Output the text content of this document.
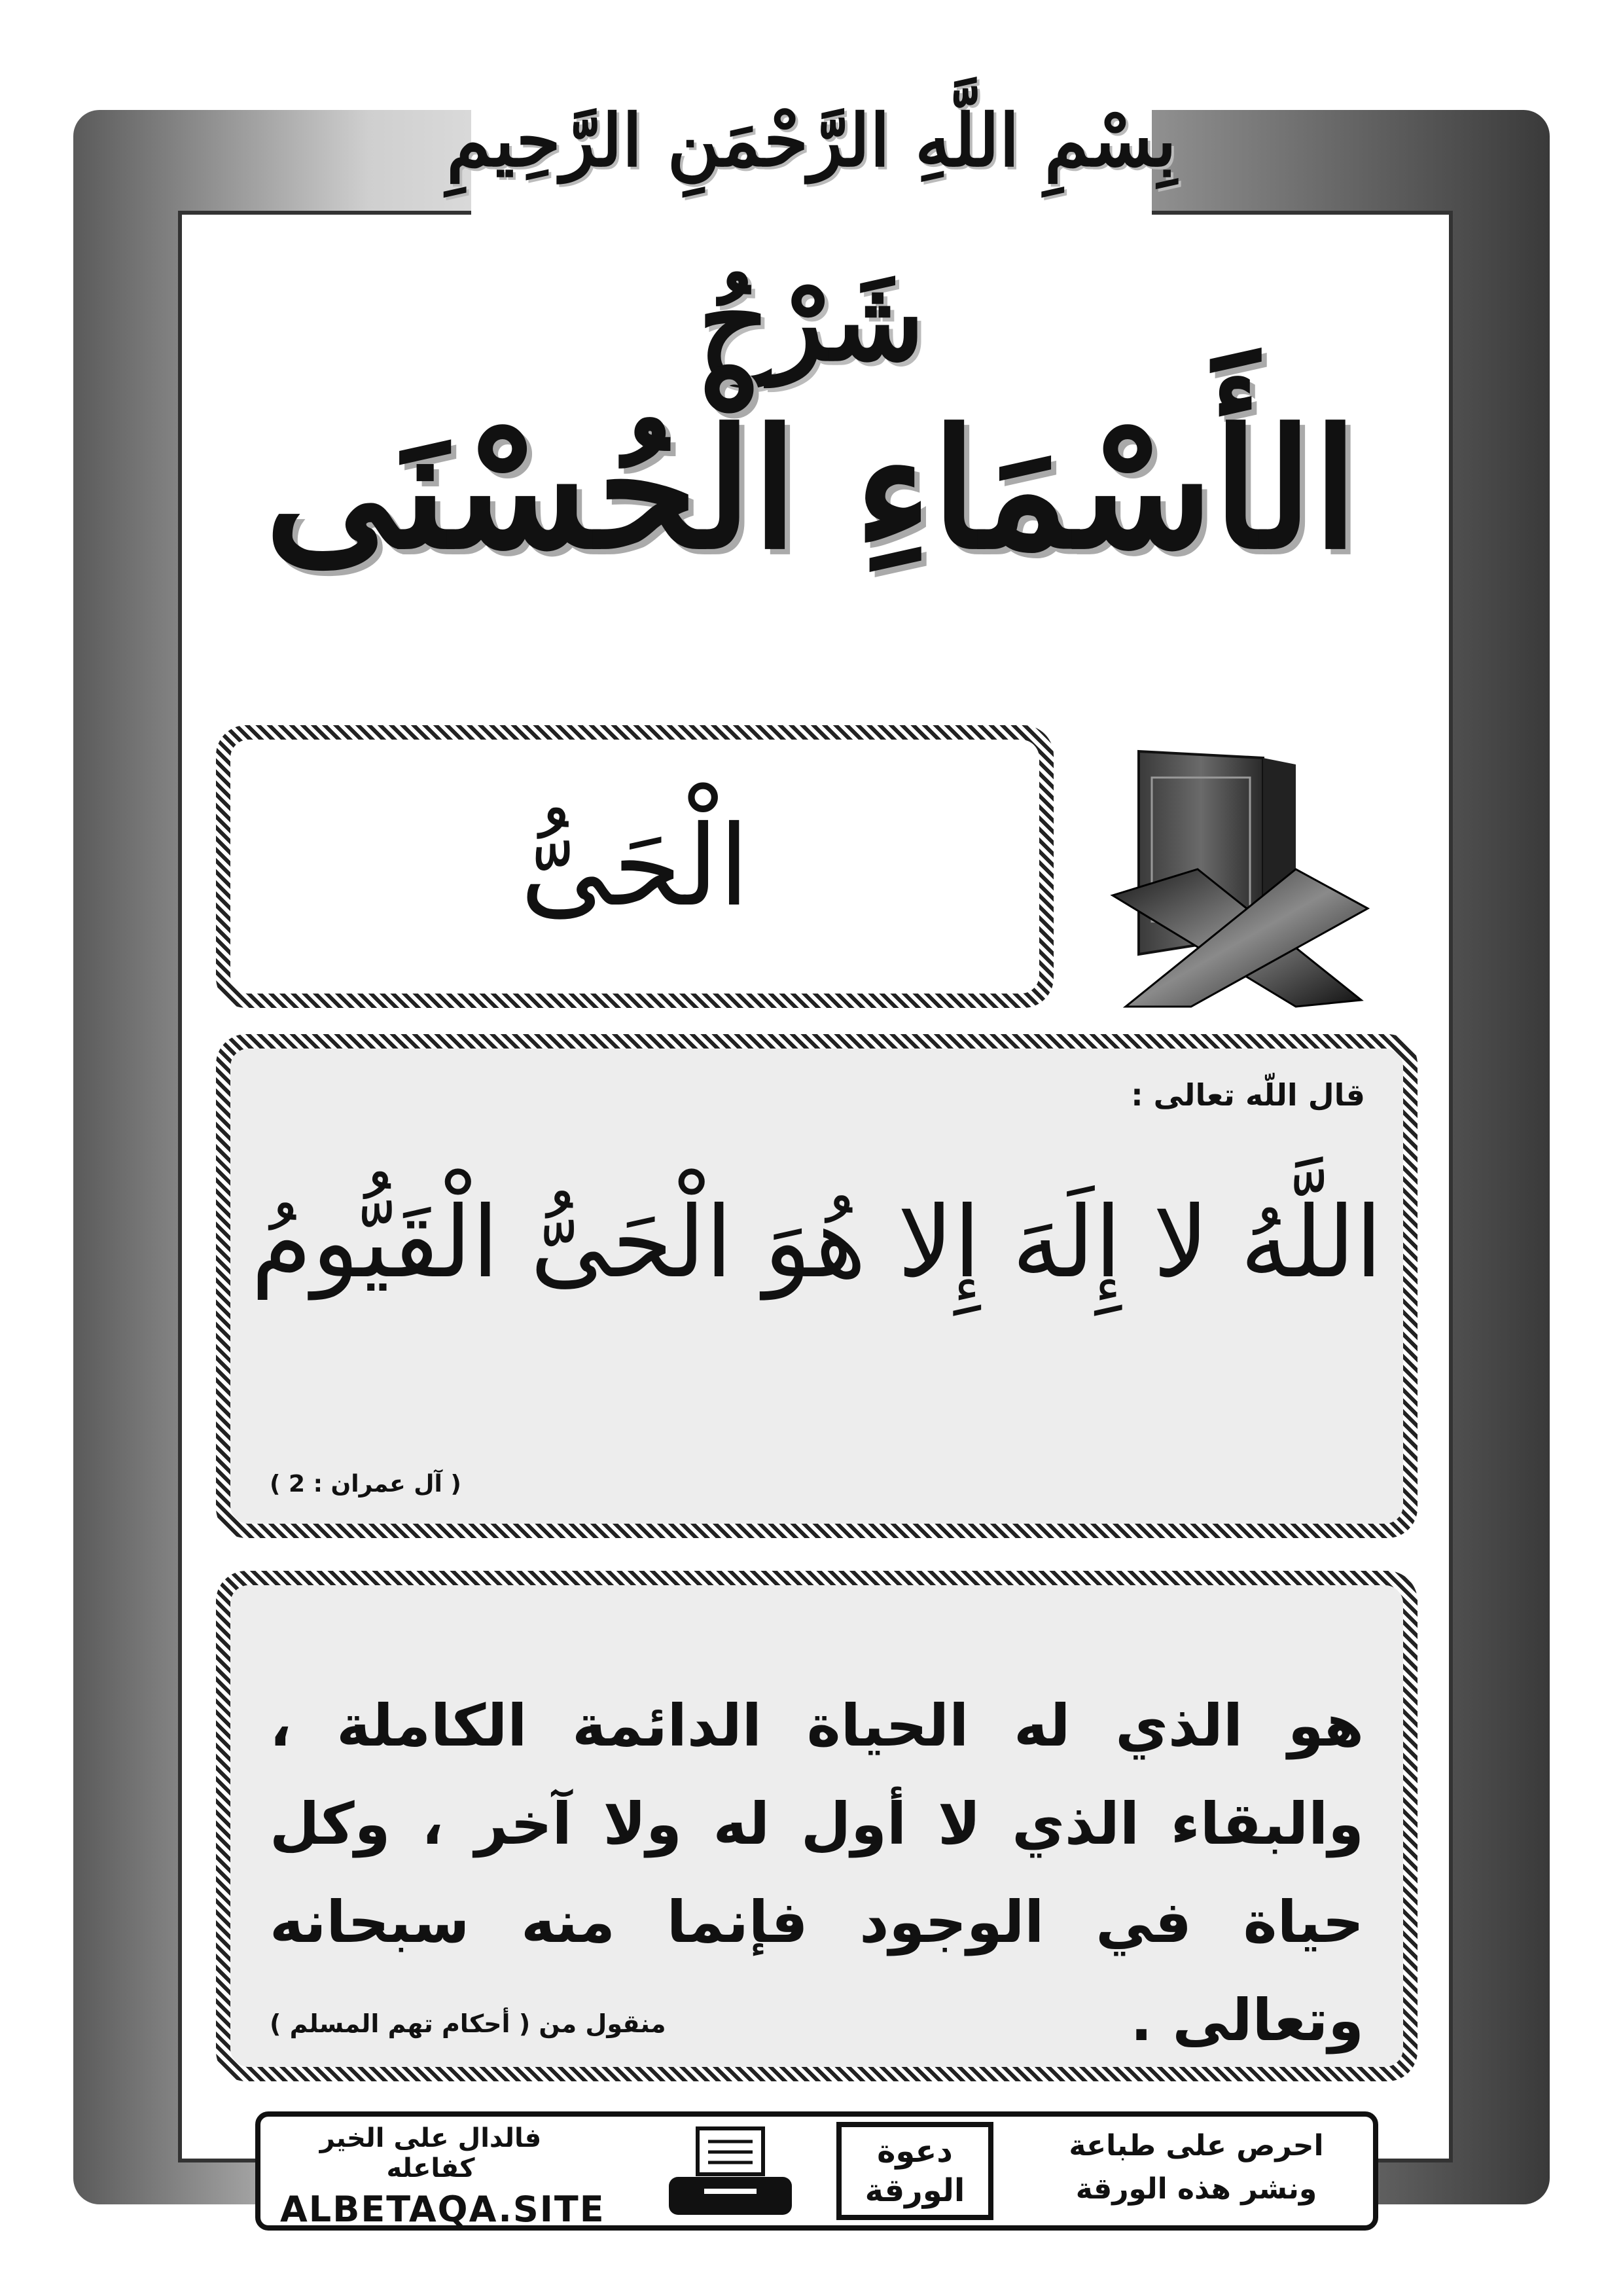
بِسْمِ اللَّهِ الرَّحْمَنِ الرَّحِيمِ
شَرْحُ
الأَسْمَاءِ الْحُسْنَى
الْحَىُّ
قال اللّه تعالى :
اللَّهُ لا إِلَهَ إِلا هُوَ الْحَىُّ الْقَيُّومُ
( آل عمران : 2 )
هو الذي له الحياة الدائمة الكاملة ، والبقاء الذي لا أول له ولا آخر ، وكل حياة في الوجود فإنما منه سبحانه وتعالى .
منقول من ( أحكام تهم المسلم )
فالدال على الخير كفاعله
ALBETAQA.SITE
دعوة
الورقة
احرص على طباعة
ونشر هذه الورقة
